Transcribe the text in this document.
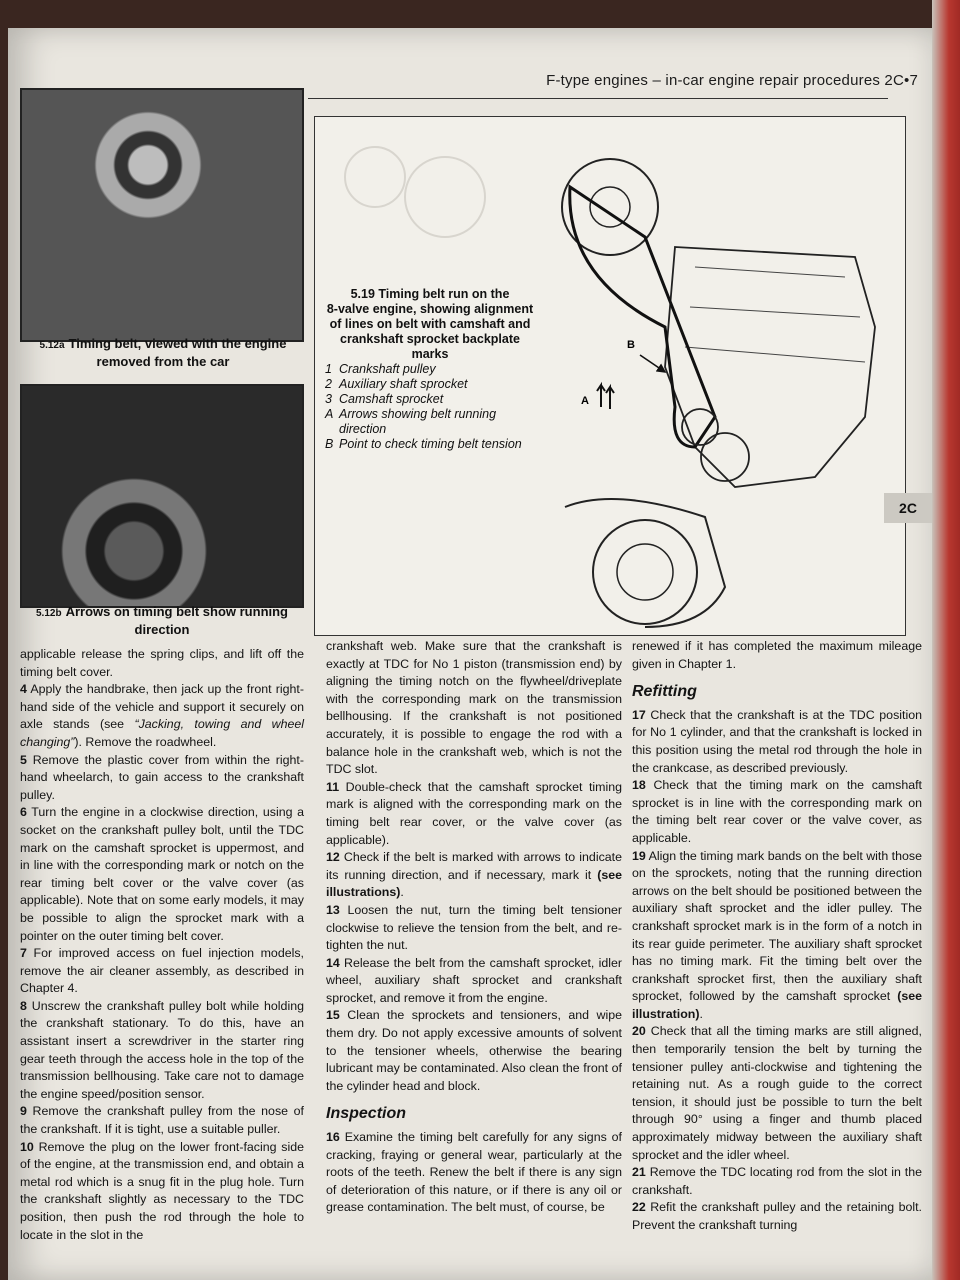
F-type engines – in-car engine repair procedures 2C•7
5.12a Timing belt, viewed with the engine removed from the car
5.12b Arrows on timing belt show running direction
5.19 Timing belt run on the
8-valve engine, showing alignment of lines on belt with camshaft and crankshaft sprocket backplate marks
1 Crankshaft pulley
2 Auxiliary shaft sprocket
3 Camshaft sprocket
A Arrows showing belt running direction
B Point to check timing belt tension
A
B
2C

applicable release the spring clips, and lift off the timing belt cover.

4 Apply the handbrake, then jack up the front right-hand side of the vehicle and support it securely on axle stands (see “Jacking, towing and wheel changing”). Remove the roadwheel.

5 Remove the plastic cover from within the right-hand wheelarch, to gain access to the crankshaft pulley.

6 Turn the engine in a clockwise direction, using a socket on the crankshaft pulley bolt, until the TDC mark on the camshaft sprocket is uppermost, and in line with the corresponding mark or notch on the rear timing belt cover or the valve cover (as applicable). Note that on some early models, it may be possible to align the sprocket mark with a pointer on the outer timing belt cover.

7 For improved access on fuel injection models, remove the air cleaner assembly, as described in Chapter 4.

8 Unscrew the crankshaft pulley bolt while holding the crankshaft stationary. To do this, have an assistant insert a screwdriver in the starter ring gear teeth through the access hole in the top of the transmission bellhousing. Take care not to damage the engine speed/position sensor.

9 Remove the crankshaft pulley from the nose of the crankshaft. If it is tight, use a suitable puller.

10 Remove the plug on the lower front-facing side of the engine, at the transmission end, and obtain a metal rod which is a snug fit in the plug hole. Turn the crankshaft slightly as necessary to the TDC position, then push the rod through the hole to locate in the slot in the

crankshaft web. Make sure that the crankshaft is exactly at TDC for No 1 piston (transmission end) by aligning the timing notch on the flywheel/driveplate with the corresponding mark on the transmission bellhousing. If the crankshaft is not positioned accurately, it is possible to engage the rod with a balance hole in the crankshaft web, which is not the TDC slot.

11 Double-check that the camshaft sprocket timing mark is aligned with the corresponding mark on the timing belt rear cover, or the valve cover (as applicable).

12 Check if the belt is marked with arrows to indicate its running direction, and if necessary, mark it (see illustrations).

13 Loosen the nut, turn the timing belt tensioner clockwise to relieve the tension from the belt, and re-tighten the nut.

14 Release the belt from the camshaft sprocket, idler wheel, auxiliary shaft sprocket and crankshaft sprocket, and remove it from the engine.

15 Clean the sprockets and tensioners, and wipe them dry. Do not apply excessive amounts of solvent to the tensioner wheels, otherwise the bearing lubricant may be contaminated. Also clean the front of the cylinder head and block.

Inspection

16 Examine the timing belt carefully for any signs of cracking, fraying or general wear, particularly at the roots of the teeth. Renew the belt if there is any sign of deterioration of this nature, or if there is any oil or grease contamination. The belt must, of course, be

renewed if it has completed the maximum mileage given in Chapter 1.

Refitting

17 Check that the crankshaft is at the TDC position for No 1 cylinder, and that the crankshaft is locked in this position using the metal rod through the hole in the crankcase, as described previously.

18 Check that the timing mark on the camshaft sprocket is in line with the corresponding mark on the timing belt rear cover or the valve cover, as applicable.

19 Align the timing mark bands on the belt with those on the sprockets, noting that the running direction arrows on the belt should be positioned between the auxiliary shaft sprocket and the idler pulley. The crankshaft sprocket mark is in the form of a notch in its rear guide perimeter. The auxiliary shaft sprocket has no timing mark. Fit the timing belt over the crankshaft sprocket first, then the auxiliary shaft sprocket, followed by the camshaft sprocket (see illustration).

20 Check that all the timing marks are still aligned, then temporarily tension the belt by turning the tensioner pulley anti-clockwise and tightening the retaining nut. As a rough guide to the correct tension, it should just be possible to turn the belt through 90° using a finger and thumb placed approximately midway between the auxiliary shaft sprocket and the idler wheel.

21 Remove the TDC locating rod from the slot in the crankshaft.

22 Refit the crankshaft pulley and the retaining bolt. Prevent the crankshaft turning
